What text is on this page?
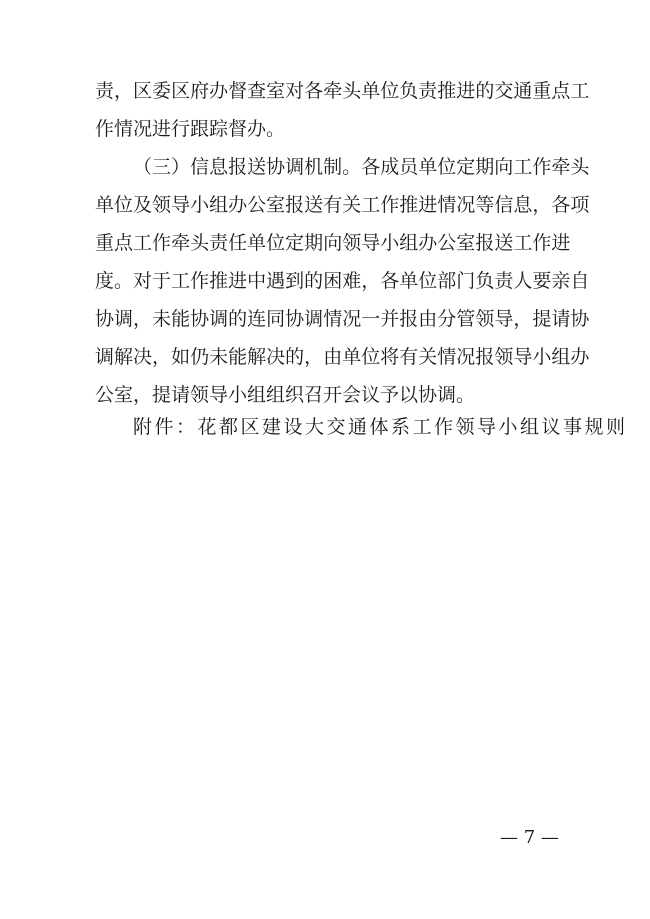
责 ， 区 委 区 府 办 督 查 室 对 各 牵 头 单 位 负 责 推 进 的 交 通 重 点 工
作情况进行跟踪督办。
（ 三 ） 信 息 报 送 协 调 机 制 。 各 成 员 单 位 定 期 向 工 作 牵 头
单 位 及 领 导 小 组 办 公 室 报 送 有 关 工 作 推 进 情 况 等 信 息 ， 各 项
重 点 工 作 牵 头 责 任 单 位 定 期 向 领 导 小 组 办 公 室 报 送 工 作 进
度 。 对 于 工 作 推 进 中 遇 到 的 困 难 ， 各 单 位 部 门 负 责 人 要 亲 自
协 调 ， 未 能 协 调 的 连 同 协 调 情 况 一 并 报 由 分 管 领 导 ， 提 请 协
调 解 决 ， 如 仍 未 能 解 决 的 ， 由 单 位 将 有 关 情 况 报 领 导 小 组 办
公室，提请领导小组组织召开会议予以协调。
附件：花都区建设大交通体系工作领导小组议事规则
— 7 —
